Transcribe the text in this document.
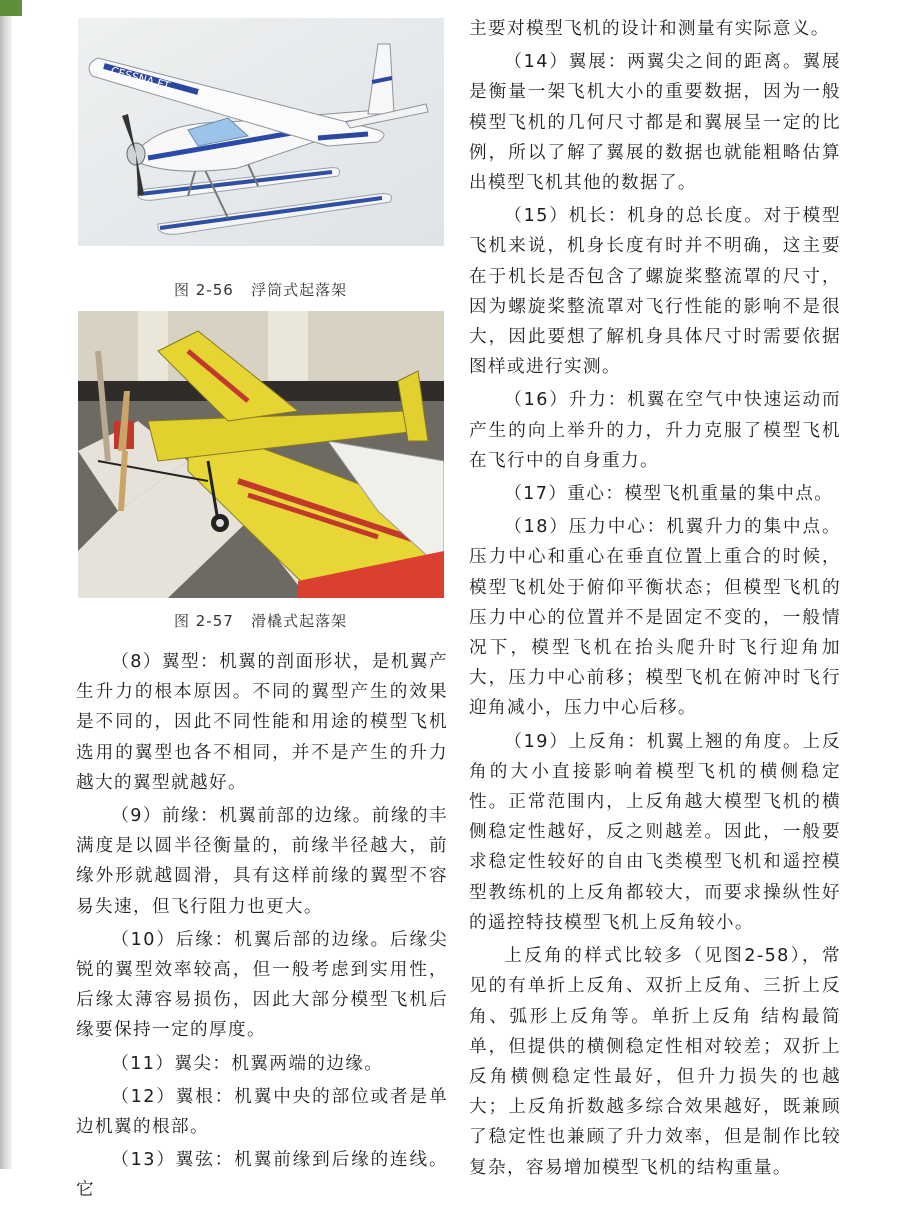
CESSNA FT
图 2-56   浮筒式起落架
图 2-57   滑橇式起落架

（8）翼型：机翼的剖面形状，是机翼产生升力的根本原因。不同的翼型产生的效果是不同的，因此不同性能和用途的模型飞机选用的翼型也各不相同，并不是产生的升力越大的翼型就越好。

（9）前缘：机翼前部的边缘。前缘的丰满度是以圆半径衡量的，前缘半径越大，前缘外形就越圆滑，具有这样前缘的翼型不容易失速，但飞行阻力也更大。

（10）后缘：机翼后部的边缘。后缘尖锐的翼型效率较高，但一般考虑到实用性，后缘太薄容易损伤，因此大部分模型飞机后缘要保持一定的厚度。

（11）翼尖：机翼两端的边缘。

（12）翼根：机翼中央的部位或者是单边机翼的根部。

（13）翼弦：机翼前缘到后缘的连线。它

主要对模型飞机的设计和测量有实际意义。

（14）翼展：两翼尖之间的距离。翼展是衡量一架飞机大小的重要数据，因为一般模型飞机的几何尺寸都是和翼展呈一定的比例，所以了解了翼展的数据也就能粗略估算出模型飞机其他的数据了。

（15）机长：机身的总长度。对于模型飞机来说，机身长度有时并不明确，这主要在于机长是否包含了螺旋桨整流罩的尺寸，因为螺旋桨整流罩对飞行性能的影响不是很大，因此要想了解机身具体尺寸时需要依据图样或进行实测。

（16）升力：机翼在空气中快速运动而产生的向上举升的力，升力克服了模型飞机在飞行中的自身重力。

（17）重心：模型飞机重量的集中点。

（18）压力中心：机翼升力的集中点。压力中心和重心在垂直位置上重合的时候，模型飞机处于俯仰平衡状态；但模型飞机的压力中心的位置并不是固定不变的，一般情况下，模型飞机在抬头爬升时飞行迎角加大，压力中心前移；模型飞机在俯冲时飞行迎角减小，压力中心后移。

（19）上反角：机翼上翘的角度。上反角的大小直接影响着模型飞机的横侧稳定性。正常范围内，上反角越大模型飞机的横侧稳定性越好，反之则越差。因此，一般要求稳定性较好的自由飞类模型飞机和遥控模型教练机的上反角都较大，而要求操纵性好的遥控特技模型飞机上反角较小。

上反角的样式比较多（见图2-58），常见的有单折上反角、双折上反角、三折上反角、弧形上反角等。单折上反角 结构最简单，但提供的横侧稳定性相对较差；双折上反角横侧稳定性最好，但升力损失的也越大；上反角折数越多综合效果越好，既兼顾了稳定性也兼顾了升力效率，但是制作比较复杂，容易增加模型飞机的结构重量。
